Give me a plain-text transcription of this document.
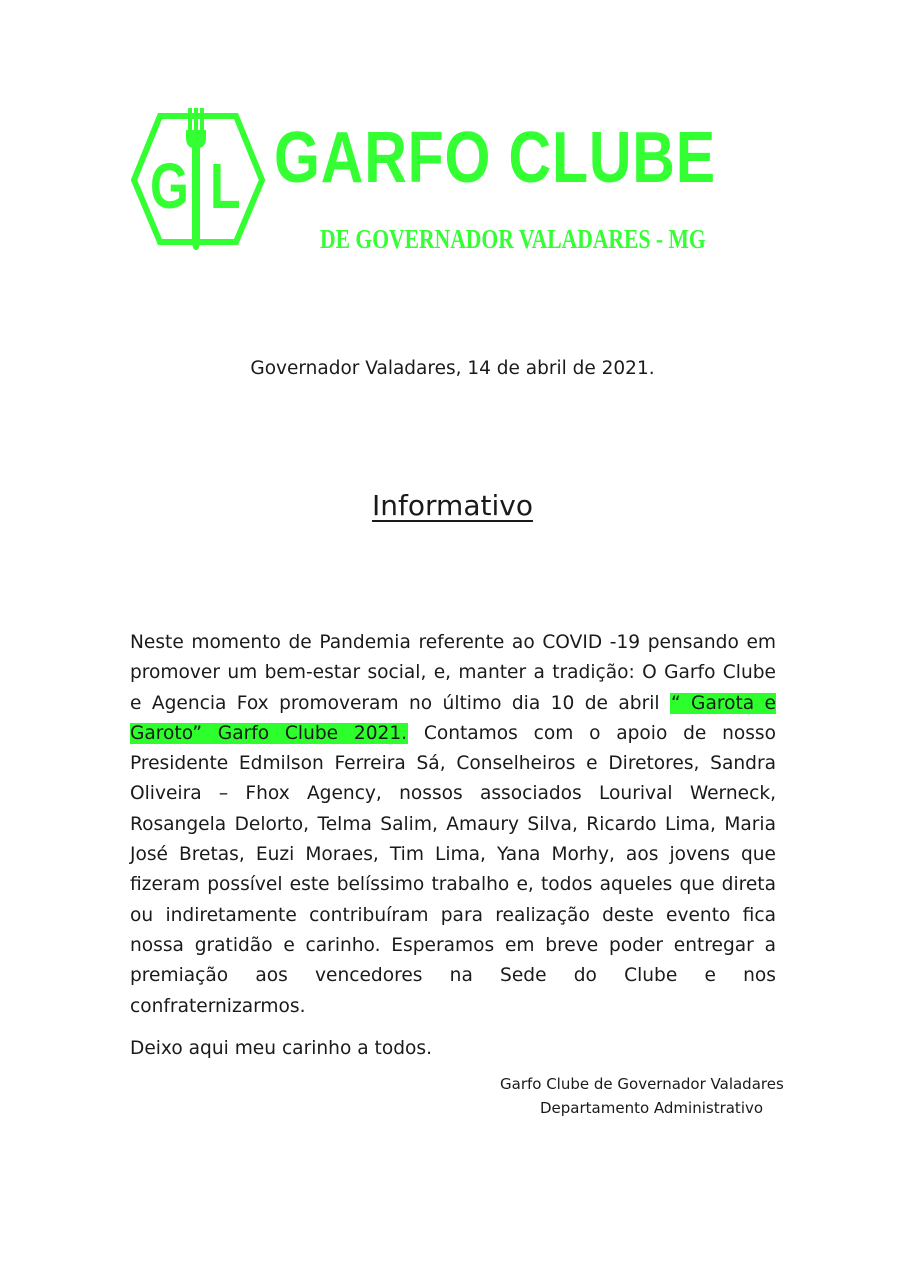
G L GARFO CLUBE
DE GOVERNADOR VALADARES - MG
Governador Valadares, 14 de abril de 2021.
Informativo

Neste momento de Pandemia referente ao COVID -19 pensando em promover um bem-estar social, e, manter a tradição: O Garfo Clube e Agencia Fox promoveram no último dia 10 de abril “ Garota e Garoto” Garfo Clube 2021. Contamos com o apoio de nosso Presidente Edmilson Ferreira Sá, Conselheiros e Diretores, Sandra Oliveira – Fhox Agency, nossos associados Lourival Werneck, Rosangela Delorto, Telma Salim, Amaury Silva, Ricardo Lima, Maria José Bretas, Euzi Moraes, Tim Lima, Yana Morhy, aos jovens que fizeram possível este belíssimo trabalho e, todos aqueles que direta ou indiretamente contribuíram para realização deste evento fica nossa gratidão e carinho. Esperamos em breve poder entregar a premiação aos vencedores na Sede do Clube e nos confraternizarmos.

Deixo aqui meu carinho a todos.

Garfo Clube de Governador Valadares
Departamento Administrativo
